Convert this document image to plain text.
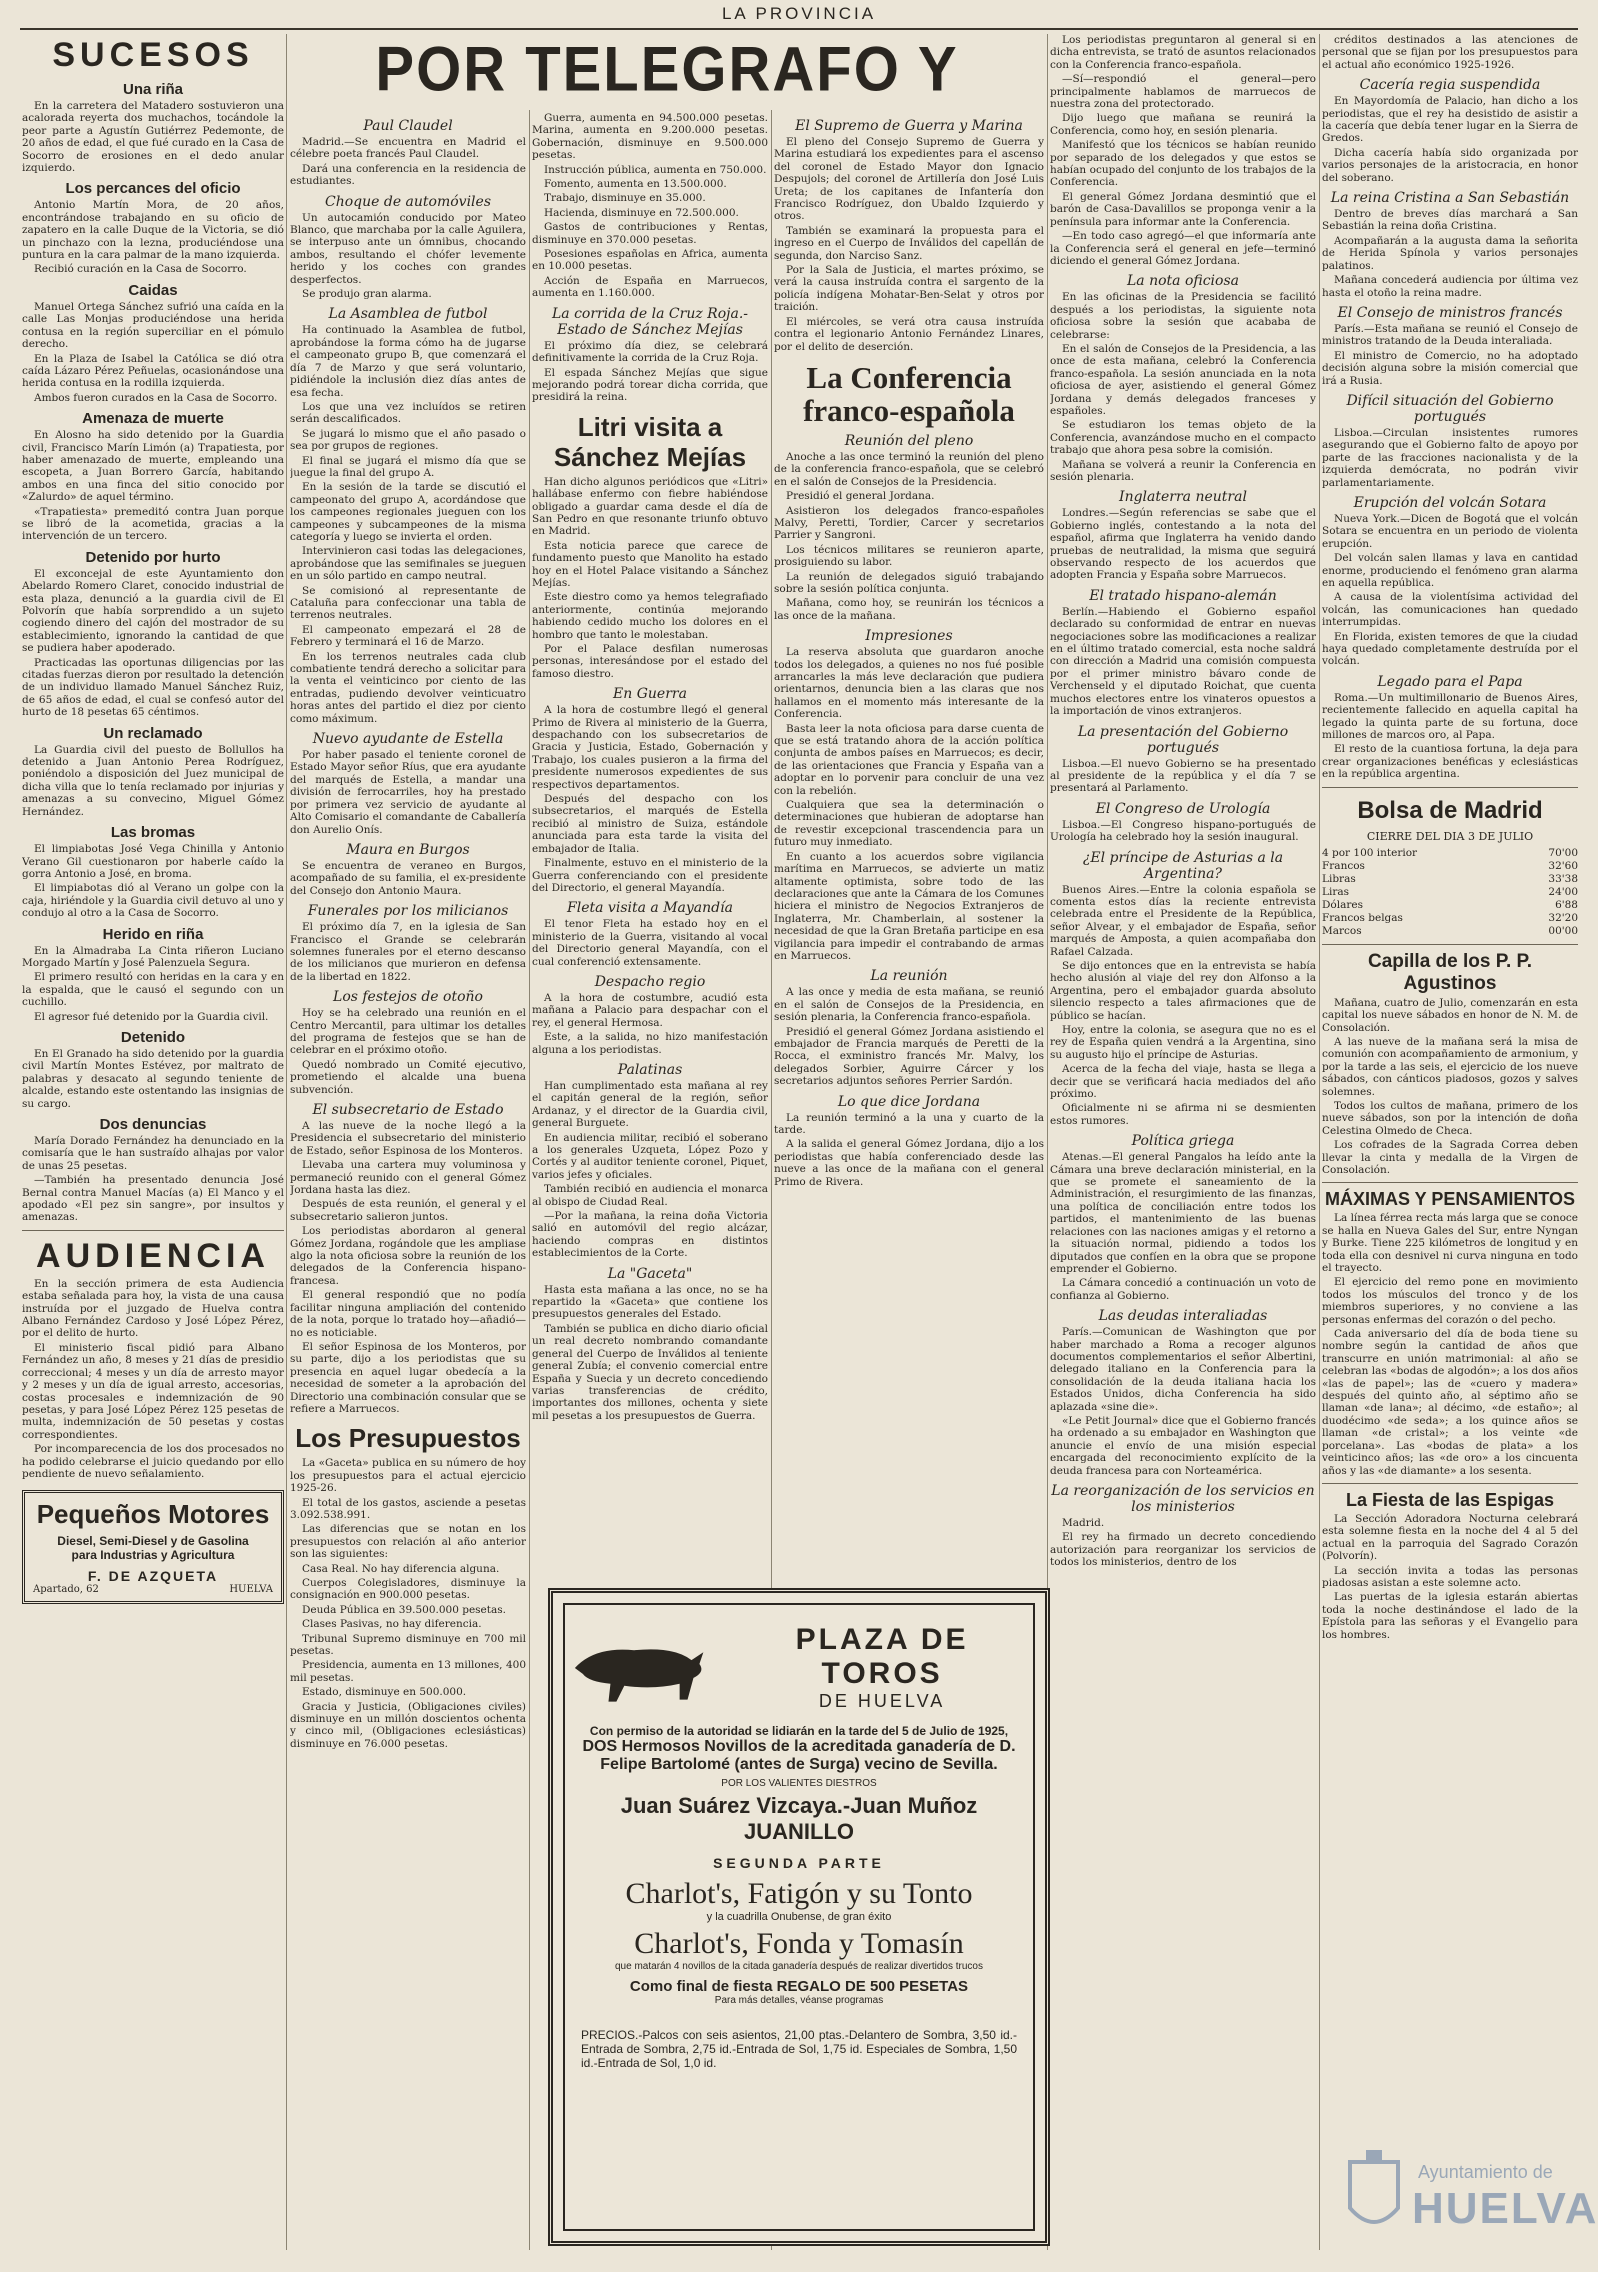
LA PROVINCIA
POR TELEGRAFO Y
SUCESOS
Una riña

En la carretera del Matadero sostuvieron una acalorada reyerta dos muchachos, tocándole la peor parte a Agustín Gutiérrez Pedemonte, de 20 años de edad, el que fué curado en la Casa de Socorro de erosiones en el dedo anular izquierdo.

Los percances del oficio

Antonio Martín Mora, de 20 años, encontrándose trabajando en su oficio de zapatero en la calle Duque de la Victoria, se dió un pinchazo con la lezna, produciéndose una puntura en la cara palmar de la mano izquierda.

Recibió curación en la Casa de Socorro.

Caidas

Manuel Ortega Sánchez sufrió una caída en la calle Las Monjas produciéndose una herida contusa en la región superciliar en el pómulo derecho.

En la Plaza de Isabel la Católica se dió otra caída Lázaro Pérez Peñuelas, ocasionándose una herida contusa en la rodilla izquierda.

Ambos fueron curados en la Casa de Socorro.

Amenaza de muerte

En Alosno ha sido detenido por la Guardia civil, Francisco Marín Limón (a) Trapatiesta, por haber amenazado de muerte, empleando una escopeta, a Juan Borrero García, habitando ambos en una finca del sitio conocido por «Zalurdo» de aquel término.

«Trapatiesta» premeditó contra Juan porque se libró de la acometida, gracias a la intervención de un tercero.

Detenido por hurto

El exconcejal de este Ayuntamiento don Abelardo Romero Claret, conocido industrial de esta plaza, denunció a la guardia civil de El Polvorín que había sorprendido a un sujeto cogiendo dinero del cajón del mostrador de su establecimiento, ignorando la cantidad de que se pudiera haber apoderado.

Practicadas las oportunas diligencias por las citadas fuerzas dieron por resultado la detención de un individuo llamado Manuel Sánchez Ruiz, de 65 años de edad, el cual se confesó autor del hurto de 18 pesetas 65 céntimos.

Un reclamado

La Guardia civil del puesto de Bollullos ha detenido a Juan Antonio Perea Rodríguez, poniéndolo a disposición del Juez municipal de dicha villa que lo tenía reclamado por injurias y amenazas a su convecino, Miguel Gómez Hernández.

Las bromas

El limpiabotas José Vega Chinilla y Antonio Verano Gil cuestionaron por haberle caído la gorra Antonio a José, en broma.

El limpiabotas dió al Verano un golpe con la caja, hiriéndole y la Guardia civil detuvo al uno y condujo al otro a la Casa de Socorro.

Herido en riña

En la Almadraba La Cinta riñeron Luciano Morgado Martín y José Palenzuela Segura.

El primero resultó con heridas en la cara y en la espalda, que le causó el segundo con un cuchillo.

El agresor fué detenido por la Guardia civil.

Detenido

En El Granado ha sido detenido por la guardia civil Martín Montes Estévez, por maltrato de palabras y desacato al segundo teniente de alcalde, estando este ostentando las insignias de su cargo.

Dos denuncias

María Dorado Fernández ha denunciado en la comisaría que le han sustraído alhajas por valor de unas 25 pesetas.

—También ha presentado denuncia José Bernal contra Manuel Macías (a) El Manco y el apodado «El pez sin sangre», por insultos y amenazas.

AUDIENCIA

En la sección primera de esta Audiencia estaba señalada para hoy, la vista de una causa instruída por el juzgado de Huelva contra Albano Fernández Cardoso y José López Pérez, por el delito de hurto.

El ministerio fiscal pidió para Albano Fernández un año, 8 meses y 21 días de presidio correccional; 4 meses y un día de arresto mayor y 2 meses y un día de igual arresto, accesorias, costas procesales e indemnización de 90 pesetas, y para José López Pérez 125 pesetas de multa, indemnización de 50 pesetas y costas correspondientes.

Por incomparecencia de los dos procesados no ha podido celebrarse el juicio quedando por ello pendiente de nuevo señalamiento.

Pequeños Motores
Diesel, Semi-Diesel y de Gasolina
para Industrias y Agricultura
F. DE AZQUETA
Apartado, 62	HUELVA
Paul Claudel

Madrid.—Se encuentra en Madrid el célebre poeta francés Paul Claudel.

Dará una conferencia en la residencia de estudiantes.

Choque de automóviles

Un autocamión conducido por Mateo Blanco, que marchaba por la calle Aguilera, se interpuso ante un ómnibus, chocando ambos, resultando el chófer levemente herido y los coches con grandes desperfectos.

Se produjo gran alarma.

La Asamblea de futbol

Ha continuado la Asamblea de futbol, aprobándose la forma cómo ha de jugarse el campeonato grupo B, que comenzará el día 7 de Marzo y que será voluntario, pidiéndole la inclusión diez días antes de esa fecha.

Los que una vez incluídos se retiren serán descalificados.

Se jugará lo mismo que el año pasado o sea por grupos de regiones.

El final se jugará el mismo día que se juegue la final del grupo A.

En la sesión de la tarde se discutió el campeonato del grupo A, acordándose que los campeones regionales jueguen con los campeones y subcampeones de la misma categoría y luego se invierta el orden.

Intervinieron casi todas las delegaciones, aprobándose que las semifinales se jueguen en un sólo partido en campo neutral.

Se comisionó al representante de Cataluña para confeccionar una tabla de terrenos neutrales.

El campeonato empezará el 28 de Febrero y terminará el 16 de Marzo.

En los terrenos neutrales cada club combatiente tendrá derecho a solicitar para la venta el veinticinco por ciento de las entradas, pudiendo devolver veinticuatro horas antes del partido el diez por ciento como máximum.

Nuevo ayudante de Estella

Por haber pasado el teniente coronel de Estado Mayor señor Ríus, que era ayudante del marqués de Estella, a mandar una división de ferrocarriles, hoy ha prestado por primera vez servicio de ayudante al Alto Comisario el comandante de Caballería don Aurelio Onís.

Maura en Burgos

Se encuentra de veraneo en Burgos, acompañado de su familia, el ex-presidente del Consejo don Antonio Maura.

Funerales por los milicianos

El próximo día 7, en la iglesia de San Francisco el Grande se celebrarán solemnes funerales por el eterno descanso de los milicianos que murieron en defensa de la libertad en 1822.

Los festejos de otoño

Hoy se ha celebrado una reunión en el Centro Mercantil, para ultimar los detalles del programa de festejos que se han de celebrar en el próximo otoño.

Quedó nombrado un Comité ejecutivo, prometiendo el alcalde una buena subvención.

El subsecretario de Estado

A las nueve de la noche llegó a la Presidencia el subsecretario del ministerio de Estado, señor Espinosa de los Monteros.

Llevaba una cartera muy voluminosa y permaneció reunido con el general Gómez Jordana hasta las diez.

Después de esta reunión, el general y el subsecretario salieron juntos.

Los periodistas abordaron al general Gómez Jordana, rogándole que les ampliase algo la nota oficiosa sobre la reunión de los delegados de la Conferencia hispano-francesa.

El general respondió que no podía facilitar ninguna ampliación del contenido de la nota, porque lo tratado hoy—añadió—no es noticiable.

El señor Espinosa de los Monteros, por su parte, dijo a los periodistas que su presencia en aquel lugar obedecía a la necesidad de someter a la aprobación del Directorio una combinación consular que se refiere a Marruecos.

Los Presupuestos

La «Gaceta» publica en su número de hoy los presupuestos para el actual ejercicio 1925-26.

El total de los gastos, asciende a pesetas 3.092.538.991.

Las diferencias que se notan en los presupuestos con relación al año anterior son las siguientes:

Casa Real. No hay diferencia alguna.

Cuerpos Colegisladores, disminuye la consignación en 900.000 pesetas.

Deuda Pública en 39.500.000 pesetas.

Clases Pasivas, no hay diferencia.

Tribunal Supremo disminuye en 700 mil pesetas.

Presidencia, aumenta en 13 millones, 400 mil pesetas.

Estado, disminuye en 500.000.

Gracia y Justicia, (Obligaciones civiles) disminuye en un millón doscientos ochenta y cinco mil, (Obligaciones eclesiásticas) disminuye en 76.000 pesetas.

Guerra, aumenta en 94.500.000 pesetas. Marina, aumenta en 9.200.000 pesetas. Gobernación, disminuye en 9.500.000 pesetas.

Instrucción pública, aumenta en 750.000.

Fomento, aumenta en 13.500.000.

Trabajo, disminuye en 35.000.

Hacienda, disminuye en 72.500.000.

Gastos de contribuciones y Rentas, disminuye en 370.000 pesetas.

Posesiones españolas en Africa, aumenta en 10.000 pesetas.

Acción de España en Marruecos, aumenta en 1.160.000.

La corrida de la Cruz Roja.-Estado de Sánchez Mejías

El próximo día diez, se celebrará definitivamente la corrida de la Cruz Roja.

El espada Sánchez Mejías que sigue mejorando podrá torear dicha corrida, que presidirá la reina.

Litri visita a Sánchez Mejías

Han dicho algunos periódicos que «Litri» hallábase enfermo con fiebre habiéndose obligado a guardar cama desde el día de San Pedro en que resonante triunfo obtuvo en Madrid.

Esta noticia parece que carece de fundamento puesto que Manolito ha estado hoy en el Hotel Palace visitando a Sánchez Mejías.

Este diestro como ya hemos telegrafiado anteriormente, continúa mejorando habiendo cedido mucho los dolores en el hombro que tanto le molestaban.

Por el Palace desfilan numerosas personas, interesándose por el estado del famoso diestro.

En Guerra

A la hora de costumbre llegó el general Primo de Rivera al ministerio de la Guerra, despachando con los subsecretarios de Gracia y Justicia, Estado, Gobernación y Trabajo, los cuales pusieron a la firma del presidente numerosos expedientes de sus respectivos departamentos.

Después del despacho con los subsecretarios, el marqués de Estella recibió al ministro de Suiza, estándole anunciada para esta tarde la visita del embajador de Italia.

Finalmente, estuvo en el ministerio de la Guerra conferenciando con el presidente del Directorio, el general Mayandía.

Fleta visita a Mayandía

El tenor Fleta ha estado hoy en el ministerio de la Guerra, visitando al vocal del Directorio general Mayandía, con el cual conferenció extensamente.

Despacho regio

A la hora de costumbre, acudió esta mañana a Palacio para despachar con el rey, el general Hermosa.

Este, a la salida, no hizo manifestación alguna a los periodistas.

Palatinas

Han cumplimentado esta mañana al rey el capitán general de la región, señor Ardanaz, y el director de la Guardia civil, general Burguete.

En audiencia militar, recibió el soberano a los generales Uzqueta, López Pozo y Cortés y al auditor teniente coronel, Piquet, varios jefes y oficiales.

También recibió en audiencia el monarca al obispo de Ciudad Real.

—Por la mañana, la reina doña Victoria salió en automóvil del regio alcázar, haciendo compras en distintos establecimientos de la Corte.

La "Gaceta"

Hasta esta mañana a las once, no se ha repartido la «Gaceta» que contiene los presupuestos generales del Estado.

También se publica en dicho diario oficial un real decreto nombrando comandante general del Cuerpo de Inválidos al teniente general Zubía; el convenio comercial entre España y Suecia y un decreto concediendo varias transferencias de crédito, importantes dos millones, ochenta y siete mil pesetas a los presupuestos de Guerra.

El Supremo de Guerra y Marina

El pleno del Consejo Supremo de Guerra y Marina estudiará los expedientes para el ascenso del coronel de Estado Mayor don Ignacio Despujols; del coronel de Artillería don José Luis Ureta; de los capitanes de Infantería don Francisco Rodríguez, don Ubaldo Izquierdo y otros.

También se examinará la propuesta para el ingreso en el Cuerpo de Inválidos del capellán de segunda, don Narciso Sanz.

Por la Sala de Justicia, el martes próximo, se verá la causa instruída contra el sargento de la policía indígena Mohatar-Ben-Selat y otros por traición.

El miércoles, se verá otra causa instruída contra el legionario Antonio Fernández Linares, por el delito de deserción.

La Conferencia franco-española
Reunión del pleno

Anoche a las once terminó la reunión del pleno de la conferencia franco-española, que se celebró en el salón de Consejos de la Presidencia.

Presidió el general Jordana.

Asistieron los delegados franco-españoles Malvy, Peretti, Tordier, Carcer y secretarios Parrier y Sangroni.

Los técnicos militares se reunieron aparte, prosiguiendo su labor.

La reunión de delegados siguió trabajando sobre la sesión política conjunta.

Mañana, como hoy, se reunirán los técnicos a las once de la mañana.

Impresiones

La reserva absoluta que guardaron anoche todos los delegados, a quienes no nos fué posible arrancarles la más leve declaración que pudiera orientarnos, denuncia bien a las claras que nos hallamos en el momento más interesante de la Conferencia.

Basta leer la nota oficiosa para darse cuenta de que se está tratando ahora de la acción política conjunta de ambos países en Marruecos; es decir, de las orientaciones que Francia y España van a adoptar en lo porvenir para concluir de una vez con la rebelión.

Cualquiera que sea la determinación o determinaciones que hubieran de adoptarse han de revestir excepcional trascendencia para un futuro muy inmediato.

En cuanto a los acuerdos sobre vigilancia marítima en Marruecos, se advierte un matiz altamente optimista, sobre todo de las declaraciones que ante la Cámara de los Comunes hiciera el ministro de Negocios Extranjeros de Inglaterra, Mr. Chamberlain, al sostener la necesidad de que la Gran Bretaña participe en esa vigilancia para impedir el contrabando de armas en Marruecos.

La reunión

A las once y media de esta mañana, se reunió en el salón de Consejos de la Presidencia, en sesión plenaria, la Conferencia franco-española.

Presidió el general Gómez Jordana asistiendo el embajador de Francia marqués de Peretti de la Rocca, el exministro francés Mr. Malvy, los delegados Sorbier, Aguirre Cárcer y los secretarios adjuntos señores Perrier Sardón.

Lo que dice Jordana

La reunión terminó a la una y cuarto de la tarde.

A la salida el general Gómez Jordana, dijo a los periodistas que había conferenciado desde las nueve a las once de la mañana con el general Primo de Rivera.

Los periodistas preguntaron al general si en dicha entrevista, se trató de asuntos relacionados con la Conferencia franco-española.

—Sí—respondió el general—pero principalmente hablamos de marruecos de nuestra zona del protectorado.

Dijo luego que mañana se reunirá la Conferencia, como hoy, en sesión plenaria.

Manifestó que los técnicos se habían reunido por separado de los delegados y que estos se habían ocupado del conjunto de los trabajos de la Conferencia.

El general Gómez Jordana desmintió que el barón de Casa-Davalillos se propongа venir a la península para informar ante la Conferencia.

—En todo caso agregó—el que informaría ante la Conferencia será el general en jefe—terminó diciendo el general Gómez Jordana.

La nota oficiosa

En las oficinas de la Presidencia se facilitó después a los periodistas, la siguiente nota oficiosa sobre la sesión que acababa de celebrarse:

En el salón de Consejos de la Presidencia, a las once de esta mañana, celebró la Conferencia franco-española. La sesión anunciada en la nota oficiosa de ayer, asistiendo el general Gómez Jordana y demás delegados franceses y españoles.

Se estudiaron los temas objeto de la Conferencia, avanzándose mucho en el compacto trabajo que ahora pesa sobre la comisión.

Mañana se volverá a reunir la Conferencia en sesión plenaria.

Inglaterra neutral

Londres.—Según referencias se sabe que el Gobierno inglés, contestando a la nota del español, afirma que Inglaterra ha venido dando pruebas de neutralidad, la misma que seguirá observando respecto de los acuerdos que adopten Francia y España sobre Marruecos.

El tratado hispano-alemán

Berlín.—Habiendo el Gobierno español declarado su conformidad de entrar en nuevas negociaciones sobre las modificaciones a realizar en el último tratado comercial, esta noche saldrá con dirección a Madrid una comisión compuesta por el primer ministro bávaro conde de Verchenseld y el diputado Roichat, que cuenta muchos electores entre los vinateros opuestos a la importación de vinos extranjeros.

La presentación del Gobierno portugués

Lisboa.—El nuevo Gobierno se ha presentado al presidente de la república y el día 7 se presentará al Parlamento.

El Congreso de Urología

Lisboa.—El Congreso hispano-portugués de Urología ha celebrado hoy la sesión inaugural.

¿El príncipe de Asturias a la Argentina?

Buenos Aires.—Entre la colonia española se comenta estos días la reciente entrevista celebrada entre el Presidente de la República, señor Alvear, y el embajador de España, señor marqués de Amposta, a quien acompañaba don Rafael Calzada.

Se dijo entonces que en la entrevista se había hecho alusión al viaje del rey don Alfonso a la Argentina, pero el embajador guarda absoluto silencio respecto a tales afirmaciones que de público se hacían.

Hoy, entre la colonia, se asegura que no es el rey de España quien vendrá a la Argentina, sino su augusto hijo el príncipe de Asturias.

Acerca de la fecha del viaje, hasta se llega a decir que se verificará hacia mediados del año próximo.

Oficialmente ni se afirma ni se desmienten estos rumores.

Política griega

Atenas.—El general Pangalos ha leído ante la Cámara una breve declaración ministerial, en la que se promete el saneamiento de la Administración, el resurgimiento de las finanzas, una política de conciliación entre todos los partidos, el mantenimiento de las buenas relaciones con las naciones amigas y el retorno a la situación normal, pidiendo a todos los diputados que confíen en la obra que se propone emprender el Gobierno.

La Cámara concedió a continuación un voto de confianza al Gobierno.

Las deudas interaliadas

París.—Comunican de Washington que por haber marchado a Roma a recoger algunos documentos complementarios el señor Albertini, delegado italiano en la Conferencia para la consolidación de la deuda italiana hacia los Estados Unidos, dicha Conferencia ha sido aplazada «sine die».

«Le Petit Journal» dice que el Gobierno francés ha ordenado a su embajador en Washington que anuncie el envío de una misión especial encargada del reconocimiento explícito de la deuda francesa para con Norteamérica.

La reorganización de los servicios en los ministerios

Madrid.

El rey ha firmado un decreto concediendo autorización para reorganizar los servicios de todos los ministerios, dentro de los

créditos destinados a las atenciones de personal que se fijan por los presupuestos para el actual año económico 1925-1926.

Cacería regia suspendida

En Mayordomía de Palacio, han dicho a los periodistas, que el rey ha desistido de asistir a la cacería que debía tener lugar en la Sierra de Gredos.

Dicha cacería había sido organizada por varios personajes de la aristocracia, en honor del soberano.

La reina Cristina a San Sebastián

Dentro de breves días marchará a San Sebastián la reina doña Cristina.

Acompañarán a la augusta dama la señorita de Herida Spínola y varios personajes palatinos.

Mañana concederá audiencia por última vez hasta el otoño la reina madre.

El Consejo de ministros francés

París.—Esta mañana se reunió el Consejo de ministros tratando de la Deuda interaliada.

El ministro de Comercio, no ha adoptado decisión alguna sobre la misión comercial que irá a Rusia.

Difícil situación del Gobierno portugués

Lisboa.—Circulan insistentes rumores asegurando que el Gobierno falto de apoyo por parte de las fracciones nacionalista y de la izquierda demócrata, no podrán vivir parlamentariamente.

Erupción del volcán Sotara

Nueva York.—Dicen de Bogotá que el volcán Sotara se encuentra en un periodo de violenta erupción.

Del volcán salen llamas y lava en cantidad enorme, produciendo el fenómeno gran alarma en aquella república.

A causa de la violentísima actividad del volcán, las comunicaciones han quedado interrumpidas.

En Florida, existen temores de que la ciudad haya quedado completamente destruída por el volcán.

Legado para el Papa

Roma.—Un multimillonario de Buenos Aires, recientemente fallecido en aquella capital ha legado la quinta parte de su fortuna, doce millones de marcos oro, al Papa.

El resto de la cuantiosa fortuna, la deja para crear organizaciones benéficas y eclesiásticas en la república argentina.

Bolsa de Madrid
CIERRE DEL DIA 3 DE JULIO
4 por 100 interior	70'00
Francos	32'60
Libras	33'38
Liras	24'00
Dólares	6'88
Francos belgas	32'20
Marcos	00'00
Capilla de los P. P. Agustinos

Mañana, cuatro de Julio, comenzarán en esta capital los nueve sábados en honor de N. M. de Consolación.

A las nueve de la mañana será la misa de comunión con acompañamiento de armonium, y por la tarde a las seis, el ejercicio de los nueve sábados, con cánticos piadosos, gozos y salves solemnes.

Todos los cultos de mañana, primero de los nueve sábados, son por la intención de doña Celestina Olmedo de Checa.

Los cofrades de la Sagrada Correa deben llevar la cinta y medalla de la Virgen de Consolación.

MÁXIMAS Y PENSAMIENTOS

La línea férrea recta más larga que se conoce se halla en Nueva Gales del Sur, entre Nyngan y Burke. Tiene 225 kilómetros de longitud y en toda ella con desnivel ni curva ninguna en todo el trayecto.

El ejercicio del remo pone en movimiento todos los músculos del tronco y de los miembros superiores, y no conviene a las personas enfermas del corazón o del pecho.

Cada aniversario del día de boda tiene su nombre según la cantidad de años que transcurre en unión matrimonial: al año se celebran las «bodas de algodón»; a los dos años «las de papel»; las de «cuero y madera» después del quinto año, al séptimo año se llaman «de lana»; al décimo, «de estaño»; al duodécimo «de seda»; a los quince años se llaman «de cristal»; a los veinte «de porcelana». Las «bodas de plata» a los veinticinco años; las «de oro» a los cincuenta años y las «de diamante» a los sesenta.

La Fiesta de las Espigas

La Sección Adoradora Nocturna celebrará esta solemne fiesta en la noche del 4 al 5 del actual en la parroquia del Sagrado Corazón (Polvorín).

La sección invita a todas las personas piadosas asistan a este solemne acto.

Las puertas de la iglesia estarán abiertas toda la noche destinándose el lado de la Epístola para las señoras y el Evangelio para los hombres.

PLAZA DE TOROS
DE HUELVA
Con permiso de la autoridad se lidiarán en la tarde del 5 de Julio de 1925,
DOS Hermosos Novillos de la acreditada ganadería de D. Felipe Bartolomé (antes de Surga) vecino de Sevilla.
POR LOS VALIENTES DIESTROS
Juan Suárez Vizcaya.-Juan Muñoz JUANILLO
SEGUNDA PARTE
Charlot's, Fatigón y su Tonto
y la cuadrilla Onubense, de gran éxito
Charlot's, Fonda y Tomasín
que matarán 4 novillos de la citada ganadería después de realizar divertidos trucos
Como final de fiesta REGALO DE 500 PESETAS
Para más detalles, véanse programas
PRECIOS.-Palcos con seis asientos, 21,00 ptas.-Delantero de Sombra, 3,50 id.-Entrada de Sombra, 2,75 id.-Entrada de Sol, 1,75 id. Especiales de Sombra, 1,50 id.-Entrada de Sol, 1,0 id.
Ayuntamiento de
HUELVA
